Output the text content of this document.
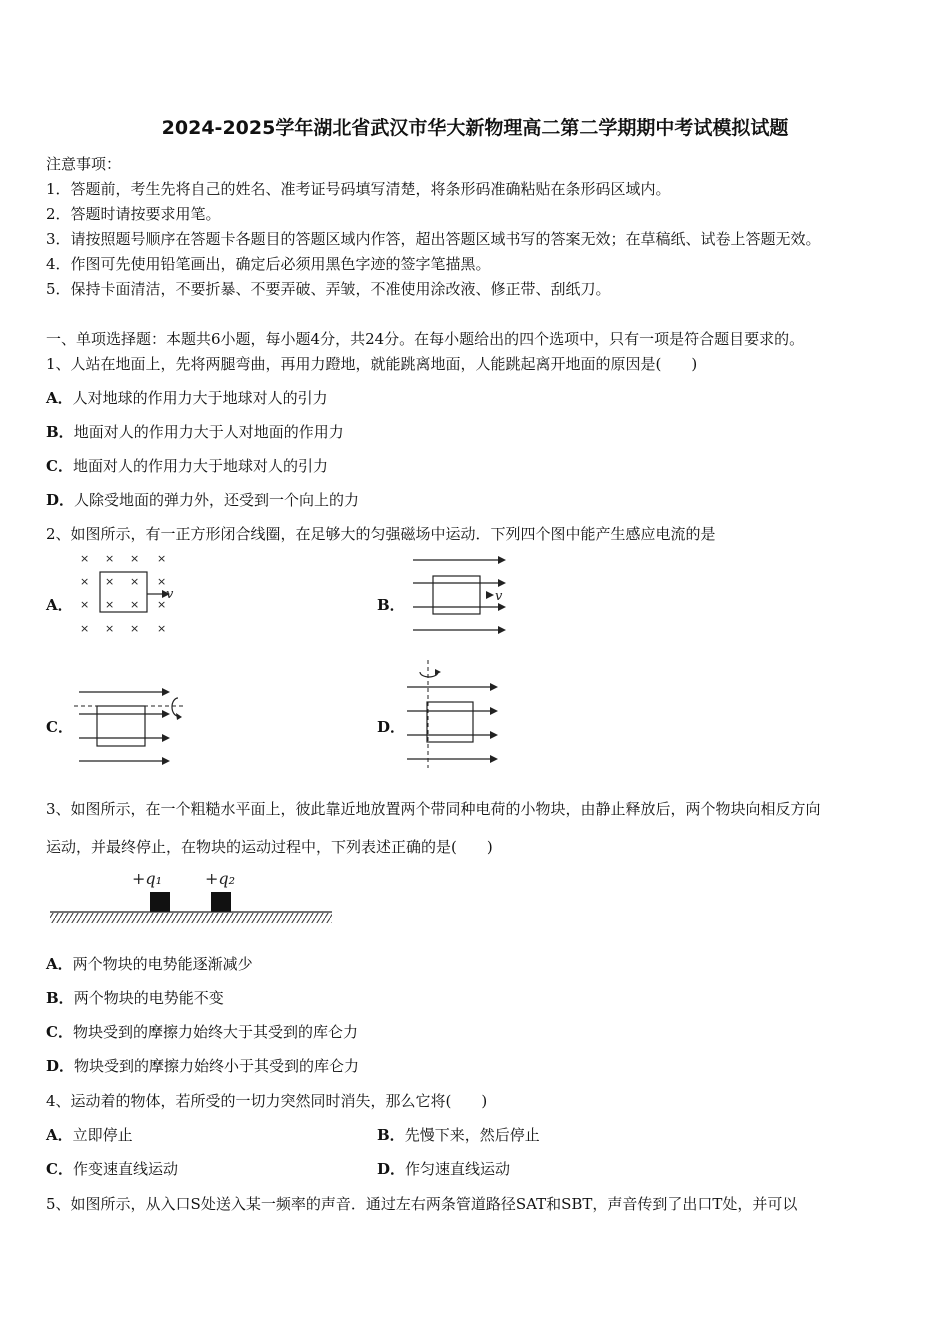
2024-2025学年湖北省武汉市华大新物理高二第二学期期中考试模拟试题
注意事项：
1．答题前，考生先将自己的姓名、准考证号码填写清楚，将条形码准确粘贴在条形码区域内。
2．答题时请按要求用笔。
3．请按照题号顺序在答题卡各题目的答题区域内作答，超出答题区域书写的答案无效；在草稿纸、试卷上答题无效。
4．作图可先使用铅笔画出，确定后必须用黑色字迹的签字笔描黑。
5．保持卡面清洁，不要折暴、不要弄破、弄皱，不准使用涂改液、修正带、刮纸刀。
一、单项选择题：本题共6小题，每小题4分，共24分。在每小题给出的四个选项中，只有一项是符合题目要求的。
1、人站在地面上，先将两腿弯曲，再用力蹬地，就能跳离地面，人能跳起离开地面的原因是(　　)
A．人对地球的作用力大于地球对人的引力
B．地面对人的作用力大于人对地面的作用力
C．地面对人的作用力大于地球对人的引力
D．人除受地面的弹力外，还受到一个向上的力
2、如图所示，有一正方形闭合线圈，在足够大的匀强磁场中运动．下列四个图中能产生感应电流的是
A．
× × × ×
× × × ×
× × × ×
× × × ×
v
B．	v
C．	D．
3、如图所示，在一个粗糙水平面上，彼此靠近地放置两个带同种电荷的小物块，由静止释放后，两个物块向相反方向
运动，并最终停止，在物块的运动过程中，下列表述正确的是(　　)
+q₁	+q₂
A．两个物块的电势能逐渐减少
B．两个物块的电势能不变
C．物块受到的摩擦力始终大于其受到的库仑力
D．物块受到的摩擦力始终小于其受到的库仑力
4、运动着的物体，若所受的一切力突然同时消失，那么它将(　　)
A．立即停止	B．先慢下来，然后停止
C．作变速直线运动	D．作匀速直线运动
5、如图所示，从入口S处送入某一频率的声音．通过左右两条管道路径SAT和SBT，声音传到了出口T处，并可以
